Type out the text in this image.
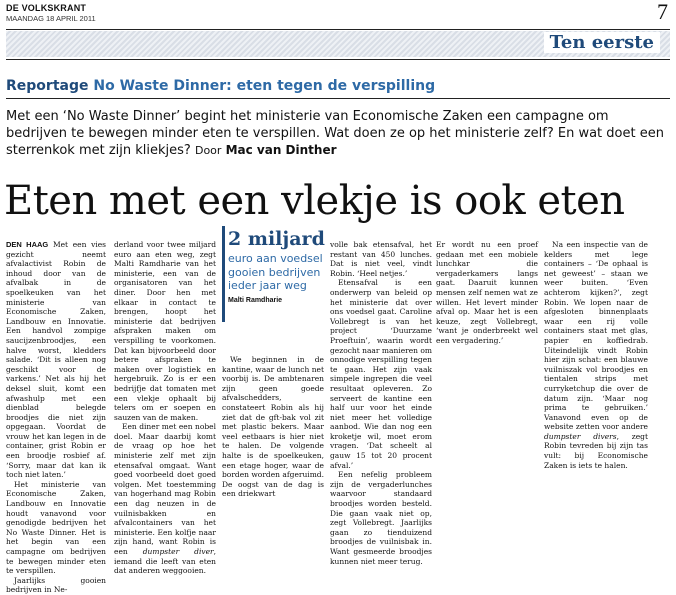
DE VOLKSKRANT
MAANDAG 18 APRIL 2011	7
Ten eerste
Reportage No Waste Dinner: eten tegen de verspilling
Met een ‘No Waste Dinner’ begint het ministerie van Economische Zaken een campagne om bedrijven te bewegen minder eten te verspillen. Wat doen ze op het ministerie zelf? En wat doet een sterrenkok met zijn kliekjes? Door Mac van Dinther
Eten met een vlekje is ook eten

DEN HAAG Met een vies gezicht neemt afvalactivist Robin de inhoud door van de afvalbak in de spoelkeuken van het ministerie van Economische Zaken, Landbouw en Innovatie. Een handvol zompige saucijzenbroodjes, een halve worst, kledders salade. ‘Dit is alleen nog geschikt voor de varkens.’ Net als hij het deksel sluit, komt een afwashulp met een dienblad belegde broodjes die niet zijn opgegaan. Voordat de vrouw het kan legen in de container, grist Robin er een broodje rosbief af. ‘Sorry, maar dat kan ik toch niet laten.’

Het ministerie van Economische Zaken, Landbouw en Innovatie houdt vanavond voor genodigde bedrijven het No Waste Dinner. Het is het begin van een campagne om bedrijven te bewegen minder eten te verspillen.

Jaarlijks gooien bedrijven in Ne-

derland voor twee miljard euro aan eten weg, zegt Malti Ramdharie van het ministerie, een van de organisatoren van het diner. Door hen met elkaar in contact te brengen, hoopt het ministerie dat bedrijven afspraken maken om verspilling te voorkomen. Dat kan bijvoorbeeld door betere afspraken te maken over logistiek en hergebruik. Zo is er een bedrijfje dat tomaten met een vlekje ophaalt bij telers om er soepen en sauzen van de maken.

Een diner met een nobel doel. Maar daarbij komt de vraag op hoe het ministerie zelf met zijn etensafval omgaat. Want goed voorbeeld doet goed volgen. Met toestemming van hogerhand mag Robin een dag neuzen in de vuilnisbakken en afvalcontainers van het ministerie. Een kolfje naar zijn hand, want Robin is een dumpster diver, iemand die leeft van eten dat anderen weggooien.

2 miljard
euro aan voedsel gooien bedrijven ieder jaar weg
Malti Ramdharie

We beginnen in de kantine, waar de lunch net voorbij is. De ambtenaren zijn geen goede afvalschedders, constateert Robin als hij ziet dat de gft-bak vol zit met plastic bekers. Maar veel eetbaars is hier niet te halen. De volgende halte is de spoelkeuken, een etage hoger, waar de borden worden afgeruimd. De oogst van de dag is een driekwart

volle bak etensafval, het restant van 450 lunches. Dat is niet veel, vindt Robin. ‘Heel netjes.’

Etensafval is een onderwerp van beleid op het ministerie dat over ons voedsel gaat. Caroline Vollebregt is van het project ‘Duurzame Proeftuin’, waarin wordt gezocht naar manieren om onnodige verspilling tegen te gaan. Het zijn vaak simpele ingrepen die veel resultaat opleveren. Zo serveert de kantine een half uur voor het einde niet meer het volledige aanbod. Wie dan nog een kroketje wil, moet erom vragen. ‘Dat scheelt al gauw 15 tot 20 procent afval.’

Een nefelig probleem zijn de vergaderlunches waarvoor standaard broodjes worden besteld. Die gaan vaak niet op, zegt Vollebregt. Jaarlijks gaan zo tienduizend broodjes de vuilnisbak in. Want gesmeerde broodjes kunnen niet meer terug.

Er wordt nu een proef gedaan met een mobiele lunchkar die vergaderkamers langs gaat. Daaruit kunnen mensen zelf nemen wat ze willen. Het levert minder afval op. Maar het is een keuze, zegt Vollebregt, ‘want je onderbreekt wel een vergadering.’

Na een inspectie van de kelders met lege containers – ‘De ophaal is net geweest’ – staan we weer buiten. ‘Even achterom kijken?’, zegt Robin. We lopen naar de afgesloten binnenplaats waar een rij volle containers staat met glas, papier en koffiedrab. Uiteindelijk vindt Robin hier zijn schat: een blauwe vuilniszak vol broodjes en tientalen strips met curryketchup die over de datum zijn. ‘Maar nog prima te gebruiken.’ Vanavond even op de website zetten voor andere dumpster divers, zegt Robin tevreden bij zijn tas vult: bij Economische Zaken is iets te halen.
